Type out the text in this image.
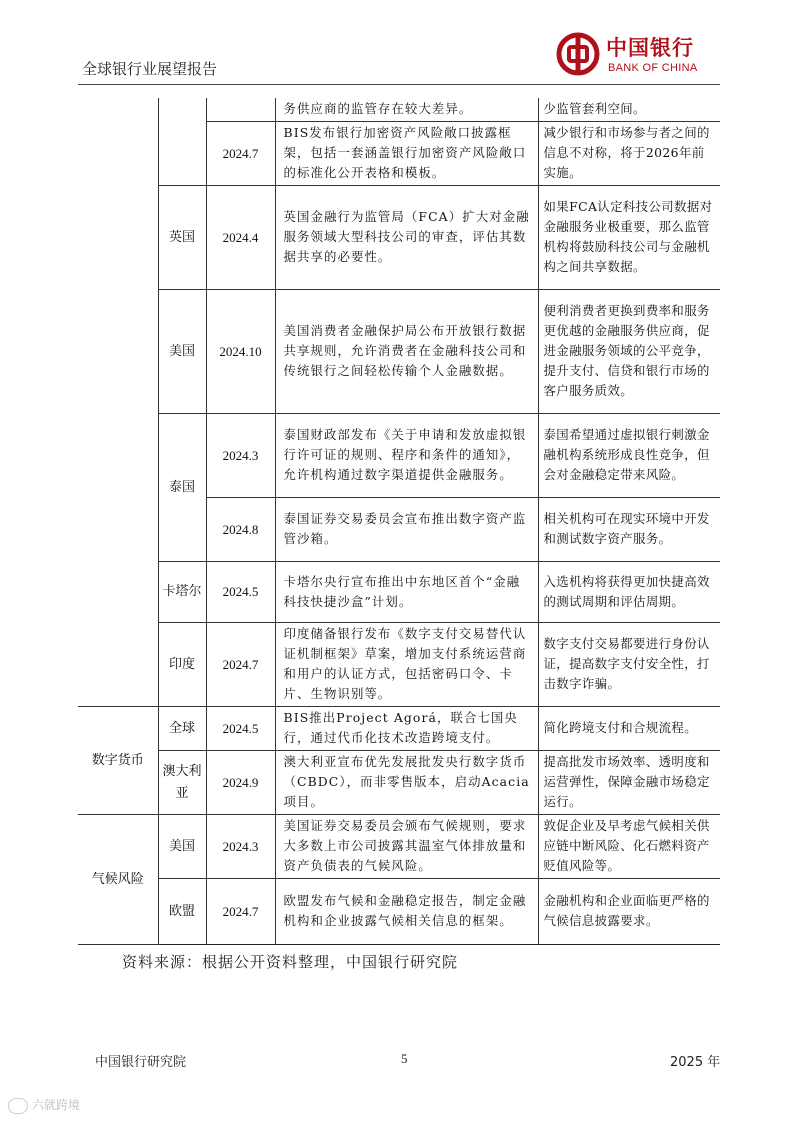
全球银行业展望报告
中国银行
BANK OF CHINA
			务供应商的监管存在较大差异。	少监管套利空间。
		2024.7	BIS发布银行加密资产风险敞口披露框架，包括一套涵盖银行加密资产风险敞口的标准化公开表格和模板。	减少银行和市场参与者之间的信息不对称，将于2026年前实施。
	英国	2024.4	英国金融行为监管局（FCA）扩大对金融服务领域大型科技公司的审查，评估其数据共享的必要性。	如果FCA认定科技公司数据对金融服务业极重要，那么监管机构将鼓励科技公司与金融机构之间共享数据。
	美国	2024.10	美国消费者金融保护局公布开放银行数据共享规则，允许消费者在金融科技公司和传统银行之间轻松传输个人金融数据。	便利消费者更换到费率和服务更优越的金融服务供应商，促进金融服务领域的公平竞争，提升支付、信贷和银行市场的客户服务质效。
	泰国	2024.3	泰国财政部发布《关于申请和发放虚拟银行许可证的规则、程序和条件的通知》，允许机构通过数字渠道提供金融服务。	泰国希望通过虚拟银行刺激金融机构系统形成良性竞争，但会对金融稳定带来风险。
		2024.8	泰国证券交易委员会宣布推出数字资产监管沙箱。	相关机构可在现实环境中开发和测试数字资产服务。
	卡塔尔	2024.5	卡塔尔央行宣布推出中东地区首个“金融科技快捷沙盒”计划。	入选机构将获得更加快捷高效的测试周期和评估周期。
	印度	2024.7	印度储备银行发布《数字支付交易替代认证机制框架》草案，增加支付系统运营商和用户的认证方式，包括密码口令、卡片、生物识别等。	数字支付交易都要进行身份认证，提高数字支付安全性，打击数字诈骗。
数字货币	全球	2024.5	BIS推出Project Agorá，联合七国央行，通过代币化技术改造跨境支付。	简化跨境支付和合规流程。
	澳大利亚	2024.9	澳大利亚宣布优先发展批发央行数字货币（CBDC），而非零售版本，启动Acacia 项目。	提高批发市场效率、透明度和运营弹性，保障金融市场稳定运行。
气候风险	美国	2024.3	美国证券交易委员会颁布气候规则，要求大多数上市公司披露其温室气体排放量和资产负债表的气候风险。	敦促企业及早考虑气候相关供应链中断风险、化石燃料资产贬值风险等。
	欧盟	2024.7	欧盟发布气候和金融稳定报告，制定金融机构和企业披露气候相关信息的框架。	金融机构和企业面临更严格的气候信息披露要求。
资料来源：根据公开资料整理，中国银行研究院
中国银行研究院	5	2025 年
六就跨境
